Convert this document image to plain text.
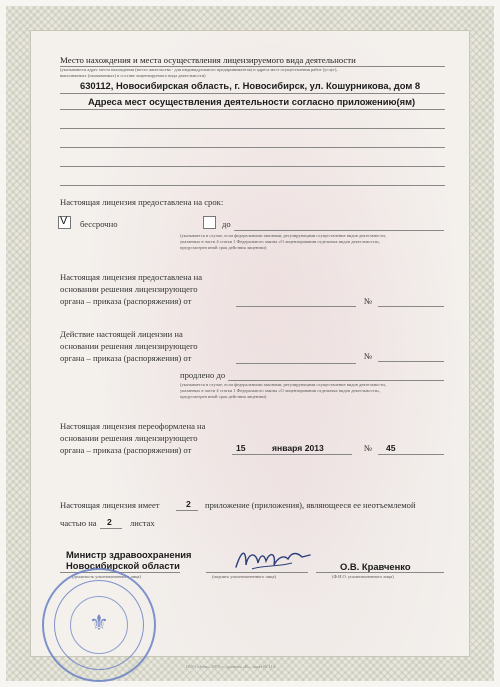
Место нахождения и места осуществления лицензируемого вида деятельности
(указываются адрес места нахождения (место жительства - для индивидуального предпринимателя) и адреса мест осуществления работ (услуг),
выполняемых (оказываемых) в составе лицензируемого вида деятельности)
630112, Новосибирская область, г. Новосибирск, ул. Кошурникова, дом 8
Адреса мест осуществления деятельности согласно приложению(ям)
Настоящая лицензия предоставлена на срок:
V бессрочно	до
(указывается в случае, если федеральными законами, регулирующими осуществление видов деятельности,
указанных в части 4 статьи 1 Федерального закона «О лицензировании отдельных видов деятельности»,
предусмотрен иной срок действия лицензии)
Настоящая лицензия предоставлена на
основании решения лицензирующего
органа – приказа (распоряжения) от	№
Действие настоящей лицензии на
основании решения лицензирующего
органа – приказа (распоряжения) от	№
продлено до
(указывается в случае, если федеральными законами, регулирующими осуществление видов деятельности,
указанных в части 4 статьи 1 Федерального закона «О лицензировании отдельных видов деятельности»,
предусмотрен иной срок действия лицензии)
Настоящая лицензия переоформлена на
основании решения лицензирующего
органа – приказа (распоряжения) от	15	января 2013	№ 45
Настоящая лицензия имеет	2 приложение (приложения), являющееся ее неотъемлемой
частью на 2 листах
Министр здравоохранения
Новосибирской области
(должность уполномоченного лица)	(подпись уполномоченного лица)
О.В. Кравченко
(Ф.И.О. уполномоченного лица)
⚜
ООО «Знак» 2013 г., уровень «В», заказ № 114
